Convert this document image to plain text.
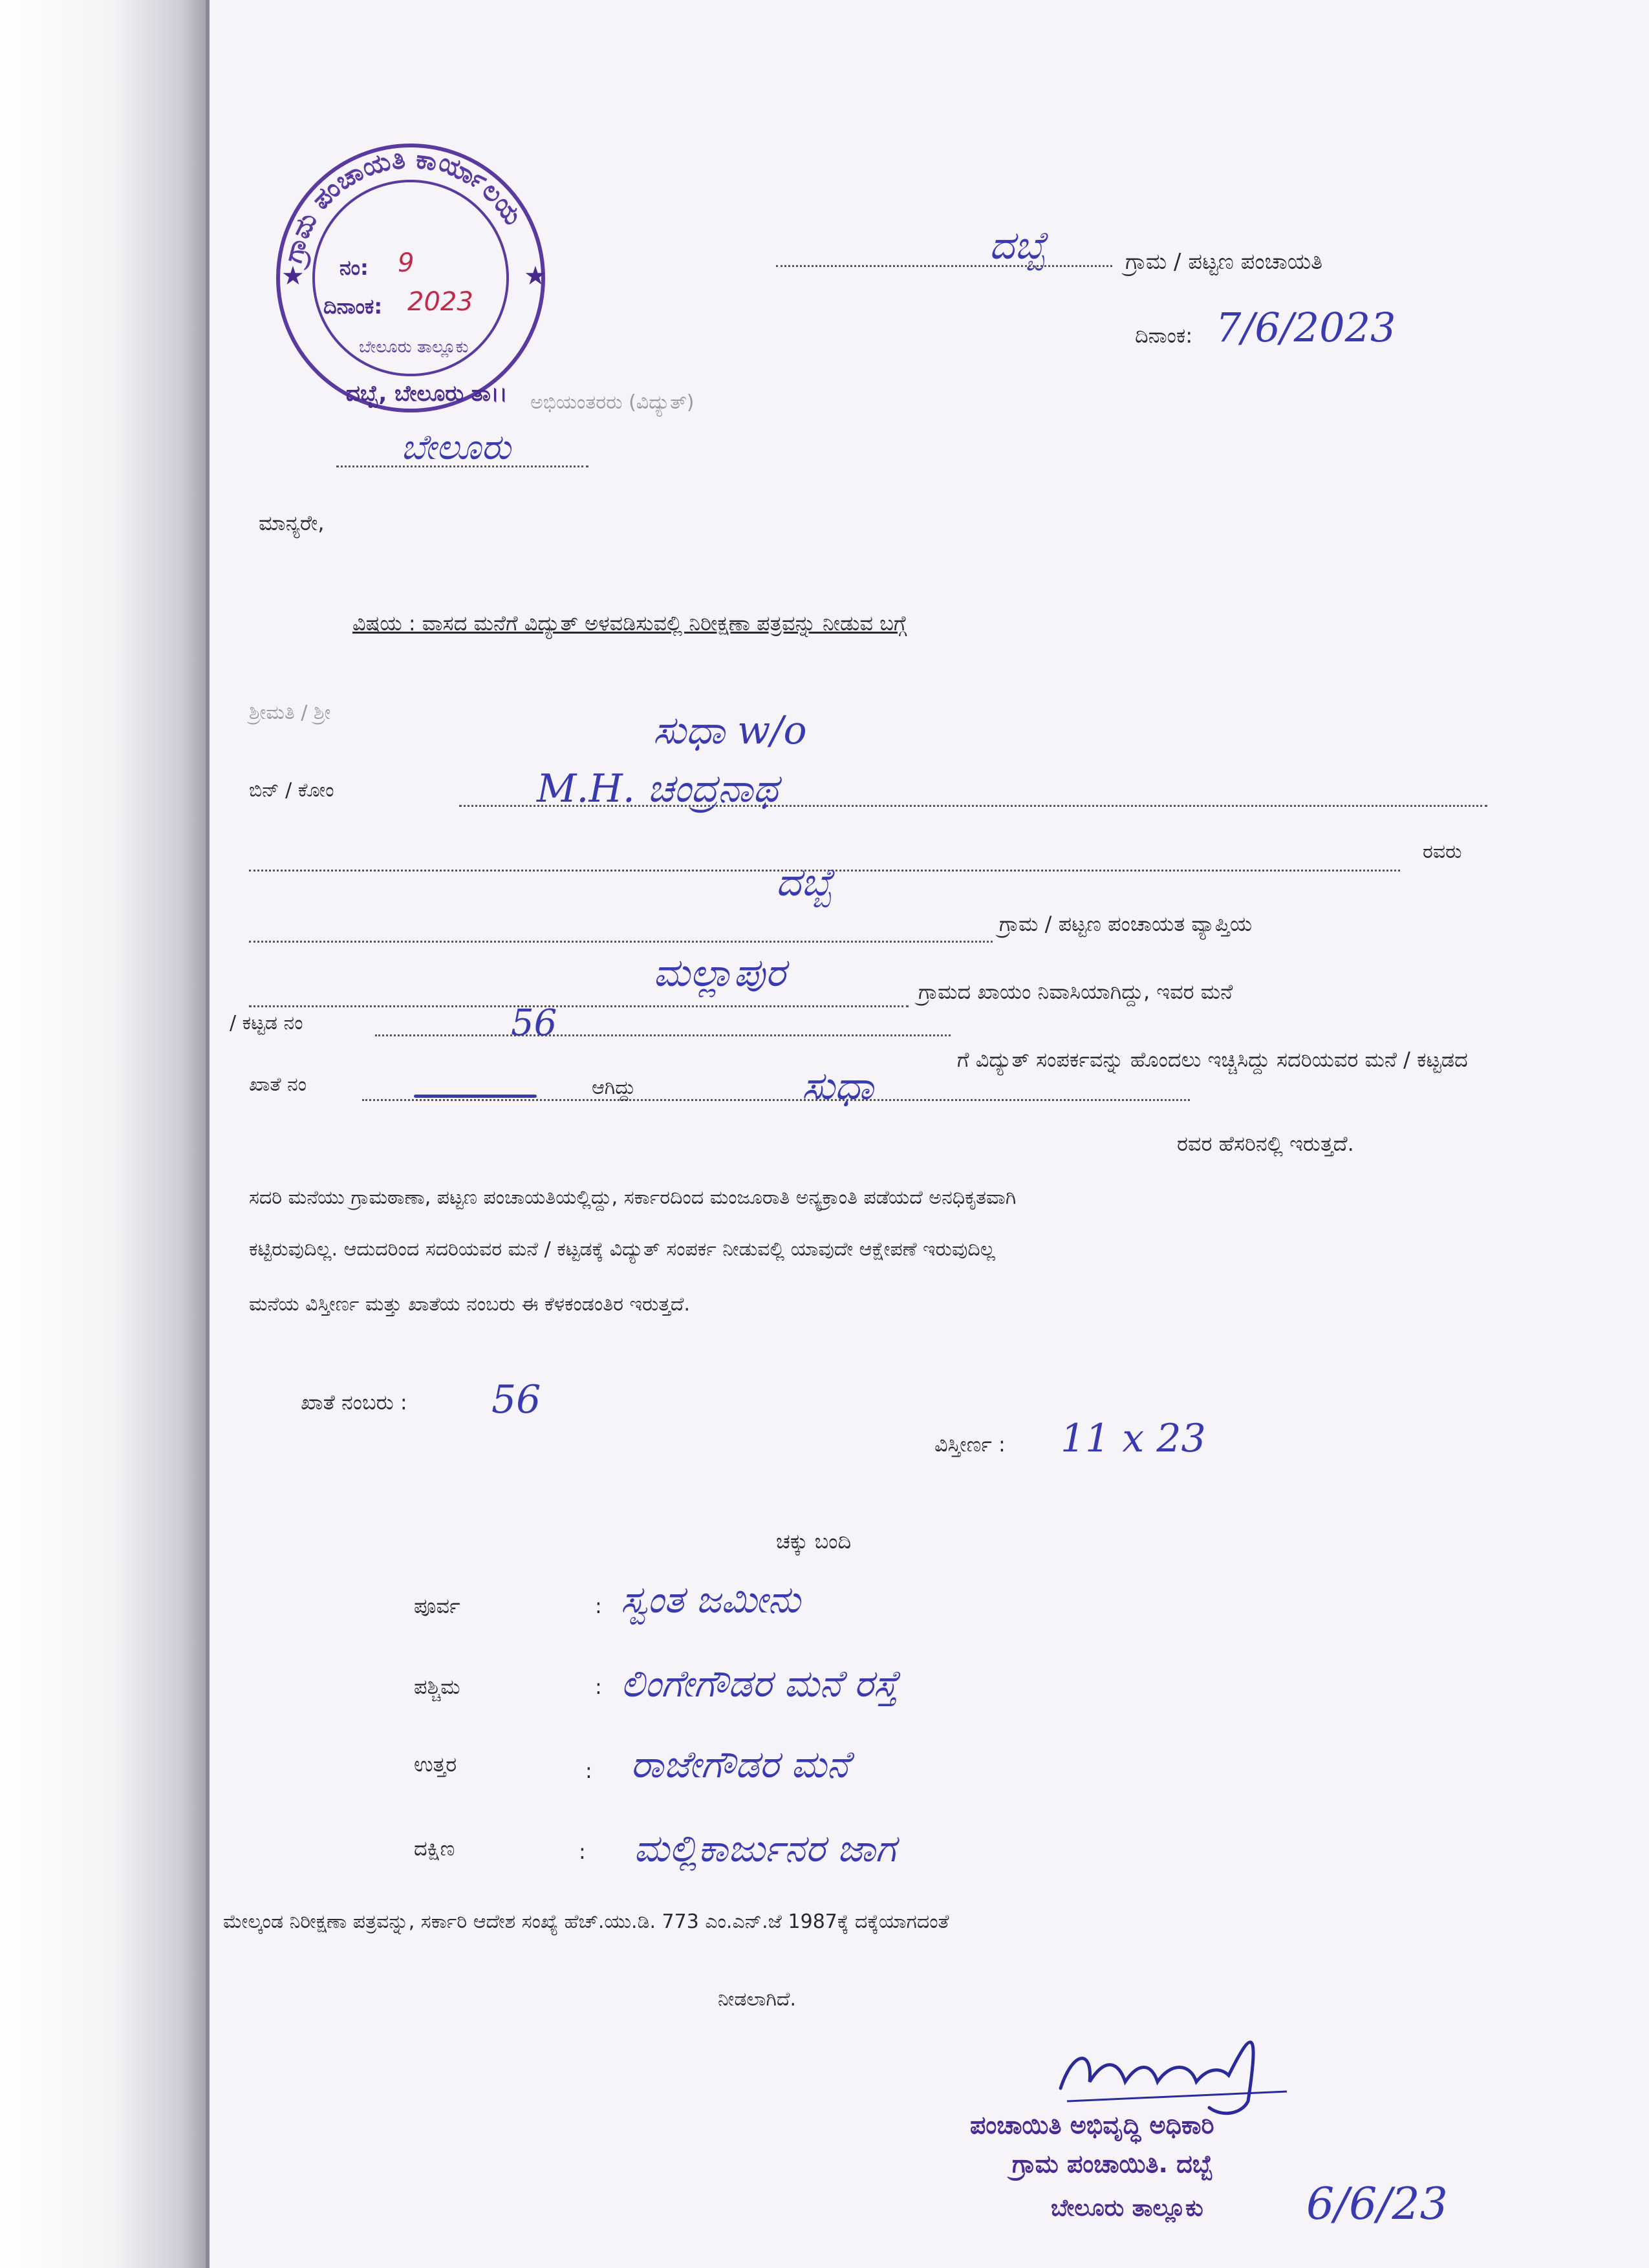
ಗ್ರಾಮ ಪಂಚಾಯತಿ ಕಾರ್ಯಾಲಯ
ನಂ: 9
ದಿನಾಂಕ: 2023
ಬೇಲೂರು ತಾಲ್ಲೂಕು
ದಬ್ಬೆ, ಬೇಲೂರು ತಾ।।
★	★
ದಬ್ಬೆ	ಗ್ರಾಮ / ಪಟ್ಟಣ ಪಂಚಾಯತಿ
ದಿನಾಂಕ: 7/6/2023
ಅಭಿಯಂತರರು (ವಿದ್ಯುತ್)
ಬೇಲೂರು
ಮಾನ್ಯರೇ,
ವಿಷಯ : ವಾಸದ ಮನೆಗೆ ವಿದ್ಯುತ್ ಅಳವಡಿಸುವಲ್ಲಿ ನಿರೀಕ್ಷಣಾ ಪತ್ರವನ್ನು ನೀಡುವ ಬಗ್ಗೆ
ಶ್ರೀಮತಿ / ಶ್ರೀ	ಸುಧಾ w/o
ಬಿನ್ / ಕೋಂ	M.H. ಚಂದ್ರನಾಥ
ರವರು
ದಬ್ಬೆ
ಗ್ರಾಮ / ಪಟ್ಟಣ ಪಂಚಾಯತ ವ್ಯಾಪ್ತಿಯ
ಮಲ್ಲಾಪುರ	ಗ್ರಾಮದ ಖಾಯಂ ನಿವಾಸಿಯಾಗಿದ್ದು, ಇವರ ಮನೆ
/ ಕಟ್ಟಡ ನಂ	56
ಗೆ ವಿದ್ಯುತ್ ಸಂಪರ್ಕವನ್ನು ಹೊಂದಲು ಇಚ್ಚಿಸಿದ್ದು ಸದರಿಯವರ ಮನೆ / ಕಟ್ಟಡದ
ಖಾತೆ ನಂ	ಆಗಿದ್ದು	ಸುಧಾ
ರವರ ಹೆಸರಿನಲ್ಲಿ ಇರುತ್ತದೆ.
ಸದರಿ ಮನೆಯು ಗ್ರಾಮಠಾಣಾ, ಪಟ್ಟಣ ಪಂಚಾಯತಿಯಲ್ಲಿದ್ದು, ಸರ್ಕಾರದಿಂದ ಮಂಜೂರಾತಿ ಅನ್ಯಕ್ರಾಂತಿ ಪಡೆಯದೆ ಅನಧಿಕೃತವಾಗಿ
ಕಟ್ಟಿರುವುದಿಲ್ಲ. ಆದುದರಿಂದ ಸದರಿಯವರ ಮನೆ / ಕಟ್ಟಡಕ್ಕೆ ವಿದ್ಯುತ್ ಸಂಪರ್ಕ ನೀಡುವಲ್ಲಿ ಯಾವುದೇ ಆಕ್ಷೇಪಣೆ ಇರುವುದಿಲ್ಲ
ಮನೆಯ ವಿಸ್ತೀರ್ಣ ಮತ್ತು ಖಾತೆಯ ನಂಬರು ಈ ಕೆಳಕಂಡಂತಿರ ಇರುತ್ತದೆ.
ಖಾತೆ ನಂಬರು : 56
ವಿಸ್ತೀರ್ಣ : 11 x 23
ಚಕ್ಕು ಬಂದಿ
ಪೂರ್ವ	: ಸ್ವಂತ ಜಮೀನು
ಪಶ್ಚಿಮ	: ಲಿಂಗೇಗೌಡರ ಮನೆ ರಸ್ತೆ
ಉತ್ತರ	: ರಾಜೇಗೌಡರ ಮನೆ
ದಕ್ಷಿಣ	: ಮಲ್ಲಿಕಾರ್ಜುನರ ಜಾಗ
ಮೇಲ್ಕಂಡ ನಿರೀಕ್ಷಣಾ ಪತ್ರವನ್ನು, ಸರ್ಕಾರಿ ಆದೇಶ ಸಂಖ್ಯೆ ಹೆಚ್.ಯು.ಡಿ. 773 ಎಂ.ಎನ್.ಜೆ 1987ಕ್ಕೆ ದಕ್ಕೆಯಾಗದಂತೆ
ನೀಡಲಾಗಿದೆ.
ಪಂಚಾಯಿತಿ ಅಭಿವೃದ್ಧಿ ಅಧಿಕಾರಿ
ಗ್ರಾಮ ಪಂಚಾಯಿತಿ. ದಬ್ಬೆ
ಬೇಲೂರು ತಾಲ್ಲೂಕು 6/6/23
